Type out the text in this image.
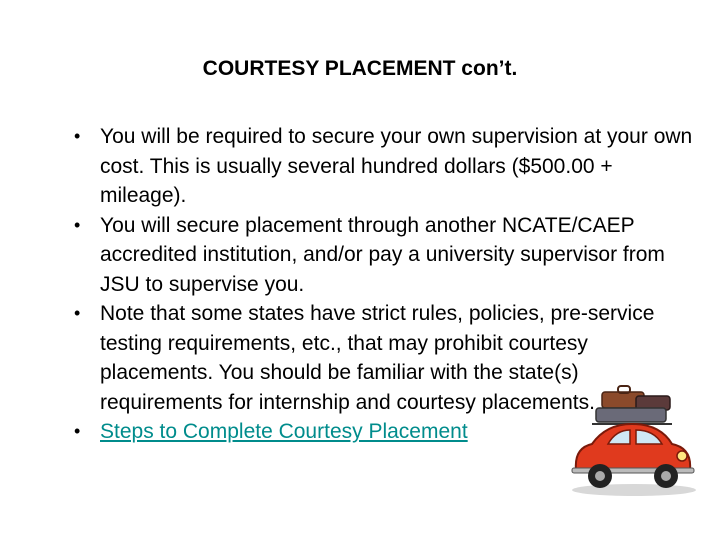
COURTESY PLACEMENT con’t.
• You will be required to secure your own supervision at your own cost. This is usually several hundred dollars ($500.00 + mileage).
• You will secure placement through another NCATE/CAEP accredited institution, and/or pay a university supervisor from JSU to supervise you.
• Note that some states have strict rules, policies, pre-service testing requirements, etc., that may prohibit courtesy placements. You should be familiar with the state(s) requirements for internship and courtesy placements.
• Steps to Complete Courtesy Placement
